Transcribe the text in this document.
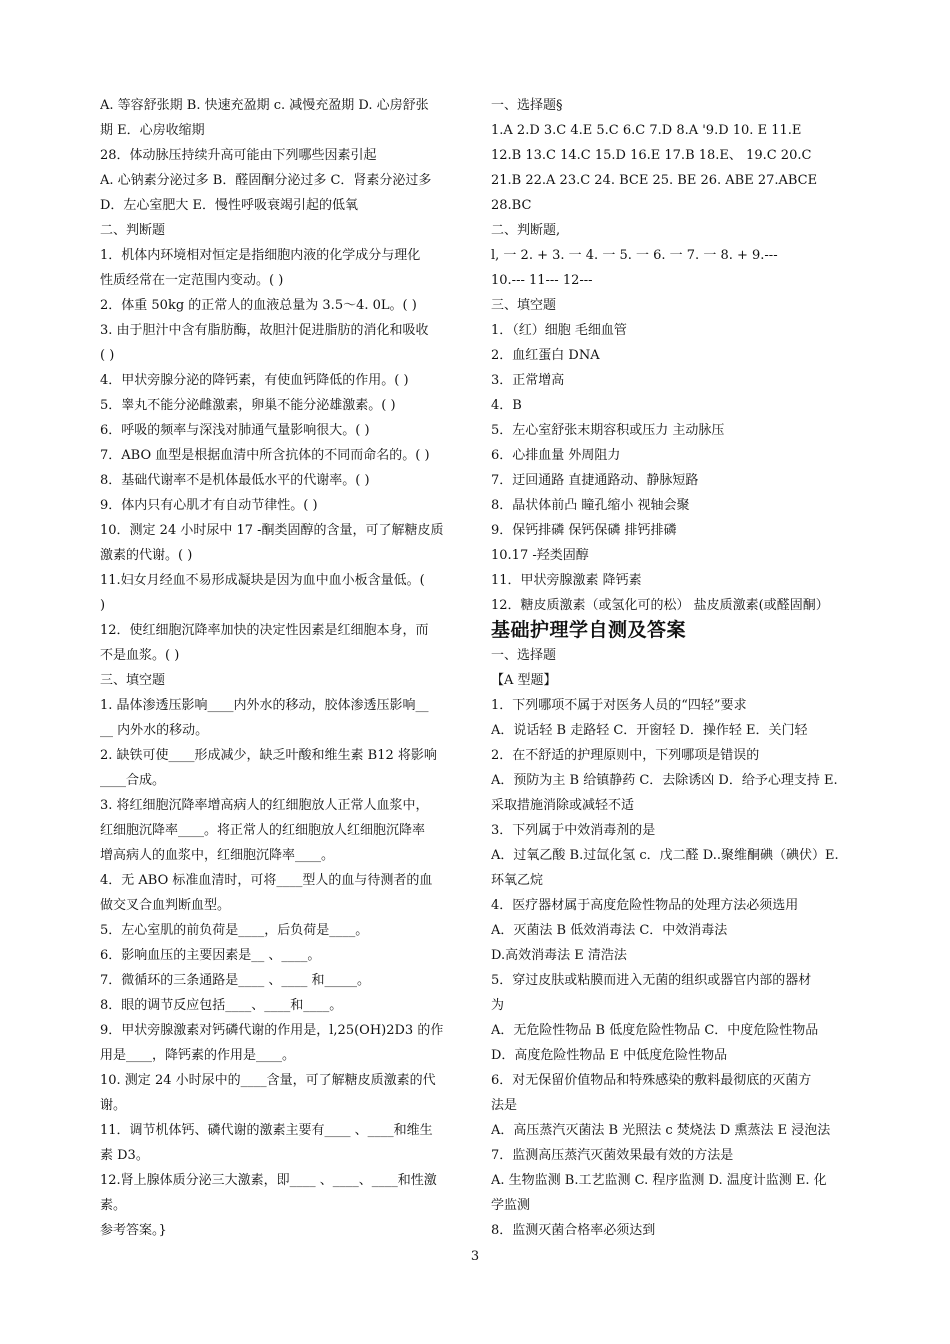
A. 等容舒张期 B. 快速充盈期 c. 减慢充盈期 D. 心房舒张
期 E．心房收缩期
28．体动脉压持续升高可能由下列哪些因素引起
A. 心钠素分泌过多 B．醛固酮分泌过多 C．肾素分泌过多
D．左心室肥大 E．慢性呼吸衰竭引起的低氧
二、判断题
1．机体内环境相对恒定是指细胞内液的化学成分与理化
性质经常在一定范围内变动。( )
2．体重 50kg 的正常人的血液总量为 3.5～4. 0L。( )
3. 由于胆汁中含有脂肪酶，故胆汁促进脂肪的消化和吸收
( )
4．甲状旁腺分泌的降钙素，有使血钙降低的作用。( )
5．睾丸不能分泌雌激素，卵巢不能分泌雄激素。( )
6．呼吸的频率与深浅对肺通气量影响很大。( )
7．ABO 血型是根据血清中所含抗体的不同而命名的。( )
8．基础代谢率不是机体最低水平的代谢率。( )
9．体内只有心肌才有自动节律性。( )
10．测定 24 小时尿中 17 -酮类固醇的含量，可了解糖皮质
激素的代谢。( )
11.妇女月经血不易形成凝块是因为血中血小板含量低。(
)
12．使红细胞沉降率加快的决定性因素是红细胞本身，而
不是血浆。( )
三、填空题
1. 晶体渗透压影响____内外水的移动，胶体渗透压影响__
__ 内外水的移动。
2. 缺铁可使____形成减少，缺乏叶酸和维生素 B12 将影响
____合成。
3. 将红细胞沉降率增高病人的红细胞放人正常人血浆中，
红细胞沉降率____。将正常人的红细胞放人红细胞沉降率
增高病人的血浆中，红细胞沉降率____。
4．无 ABO 标准血清时，可将____型人的血与待测者的血
做交叉合血判断血型。
5．左心室肌的前负荷是____，后负荷是____。
6．影响血压的主要因素是__ 、____。
7．微循环的三条通路是____ 、____ 和_____。
8．眼的调节反应包括____、____和____。
9．甲状旁腺激素对钙磷代谢的作用是，l,25(OH)2D3 的作
用是____，降钙素的作用是____。
10. 测定 24 小时尿中的____含量，可了解糖皮质激素的代
谢。
11．调节机体钙、磷代谢的激素主要有____ 、____和维生
素 D3。
12.肾上腺体质分泌三大激素，即____ 、____、____和性激
素。
参考答案。}
一、选择题§
1.A 2.D 3.C 4.E 5.C 6.C 7.D 8.A '9.D 10. E 11.E
12.B 13.C 14.C 15.D 16.E 17.B 18.E、 19.C 20.C
21.B 22.A 23.C 24. BCE 25. BE 26. ABE 27.ABCE
28.BC
二、判断题,
l, 一 2. + 3. 一 4. 一 5. 一 6. 一 7. 一 8. + 9.---
10.--- 11--- 12---
三、填空题
1．（红）细胞 毛细血管
2．血红蛋白 DNA
3．正常增高
4．B
5．左心室舒张末期容积或压力 主动脉压
6．心排血量 外周阻力
7．迂回通路 直捷通路动、静脉短路
8．晶状体前凸 瞳孔缩小 视轴会聚
9．保钙排磷 保钙保磷 排钙排磷
10.17 -羟类固醇
11．甲状旁腺激素 降钙素
12．糖皮质激素（或氢化可的松） 盐皮质激素(或醛固酮）
基础护理学自测及答案
一、选择题
【A 型题】
1．下列哪项不属于对医务人员的“四轻”要求
A．说话轻 B 走路轻 C．开窗轻 D．操作轻 E．关门轻
2．在不舒适的护理原则中，下列哪项是错误的
A．预防为主 B 给镇静药 C．去除诱凶 D．给予心理支持 E.
采取措施消除或减轻不适
3．下列属于中效消毒剂的是
A．过氧乙酸 B.过氙化氢 c．戊二醛 D..聚维酮碘（碘伏）E.
环氧乙烷
4．医疗器材属于高度危险性物品的处理方法必须选用
A．灭菌法 B 低效消毒法 C．中效消毒法
D.高效消毒法 E 清浩法
5．穿过皮肤或粘膜而进入无菌的组织或器官内部的器材
为
A．无危险性物品 B 低度危险性物品 C．中度危险性物品
D．高度危险性物品 E 中低度危险性物品
6．对无保留价值物品和特殊感染的敷料最彻底的灭菌方
法是
A．高压蒸汽灭菌法 B 光照法 c 焚烧法 D 熏蒸法 E 浸泡法
7．监测高压蒸汽灭菌效果最有效的方法是
A. 生物监测 B.工艺监测 C. 程序监测 D. 温度计监测 E. 化
学监测
8．监测灭菌合格率必须达到
3
